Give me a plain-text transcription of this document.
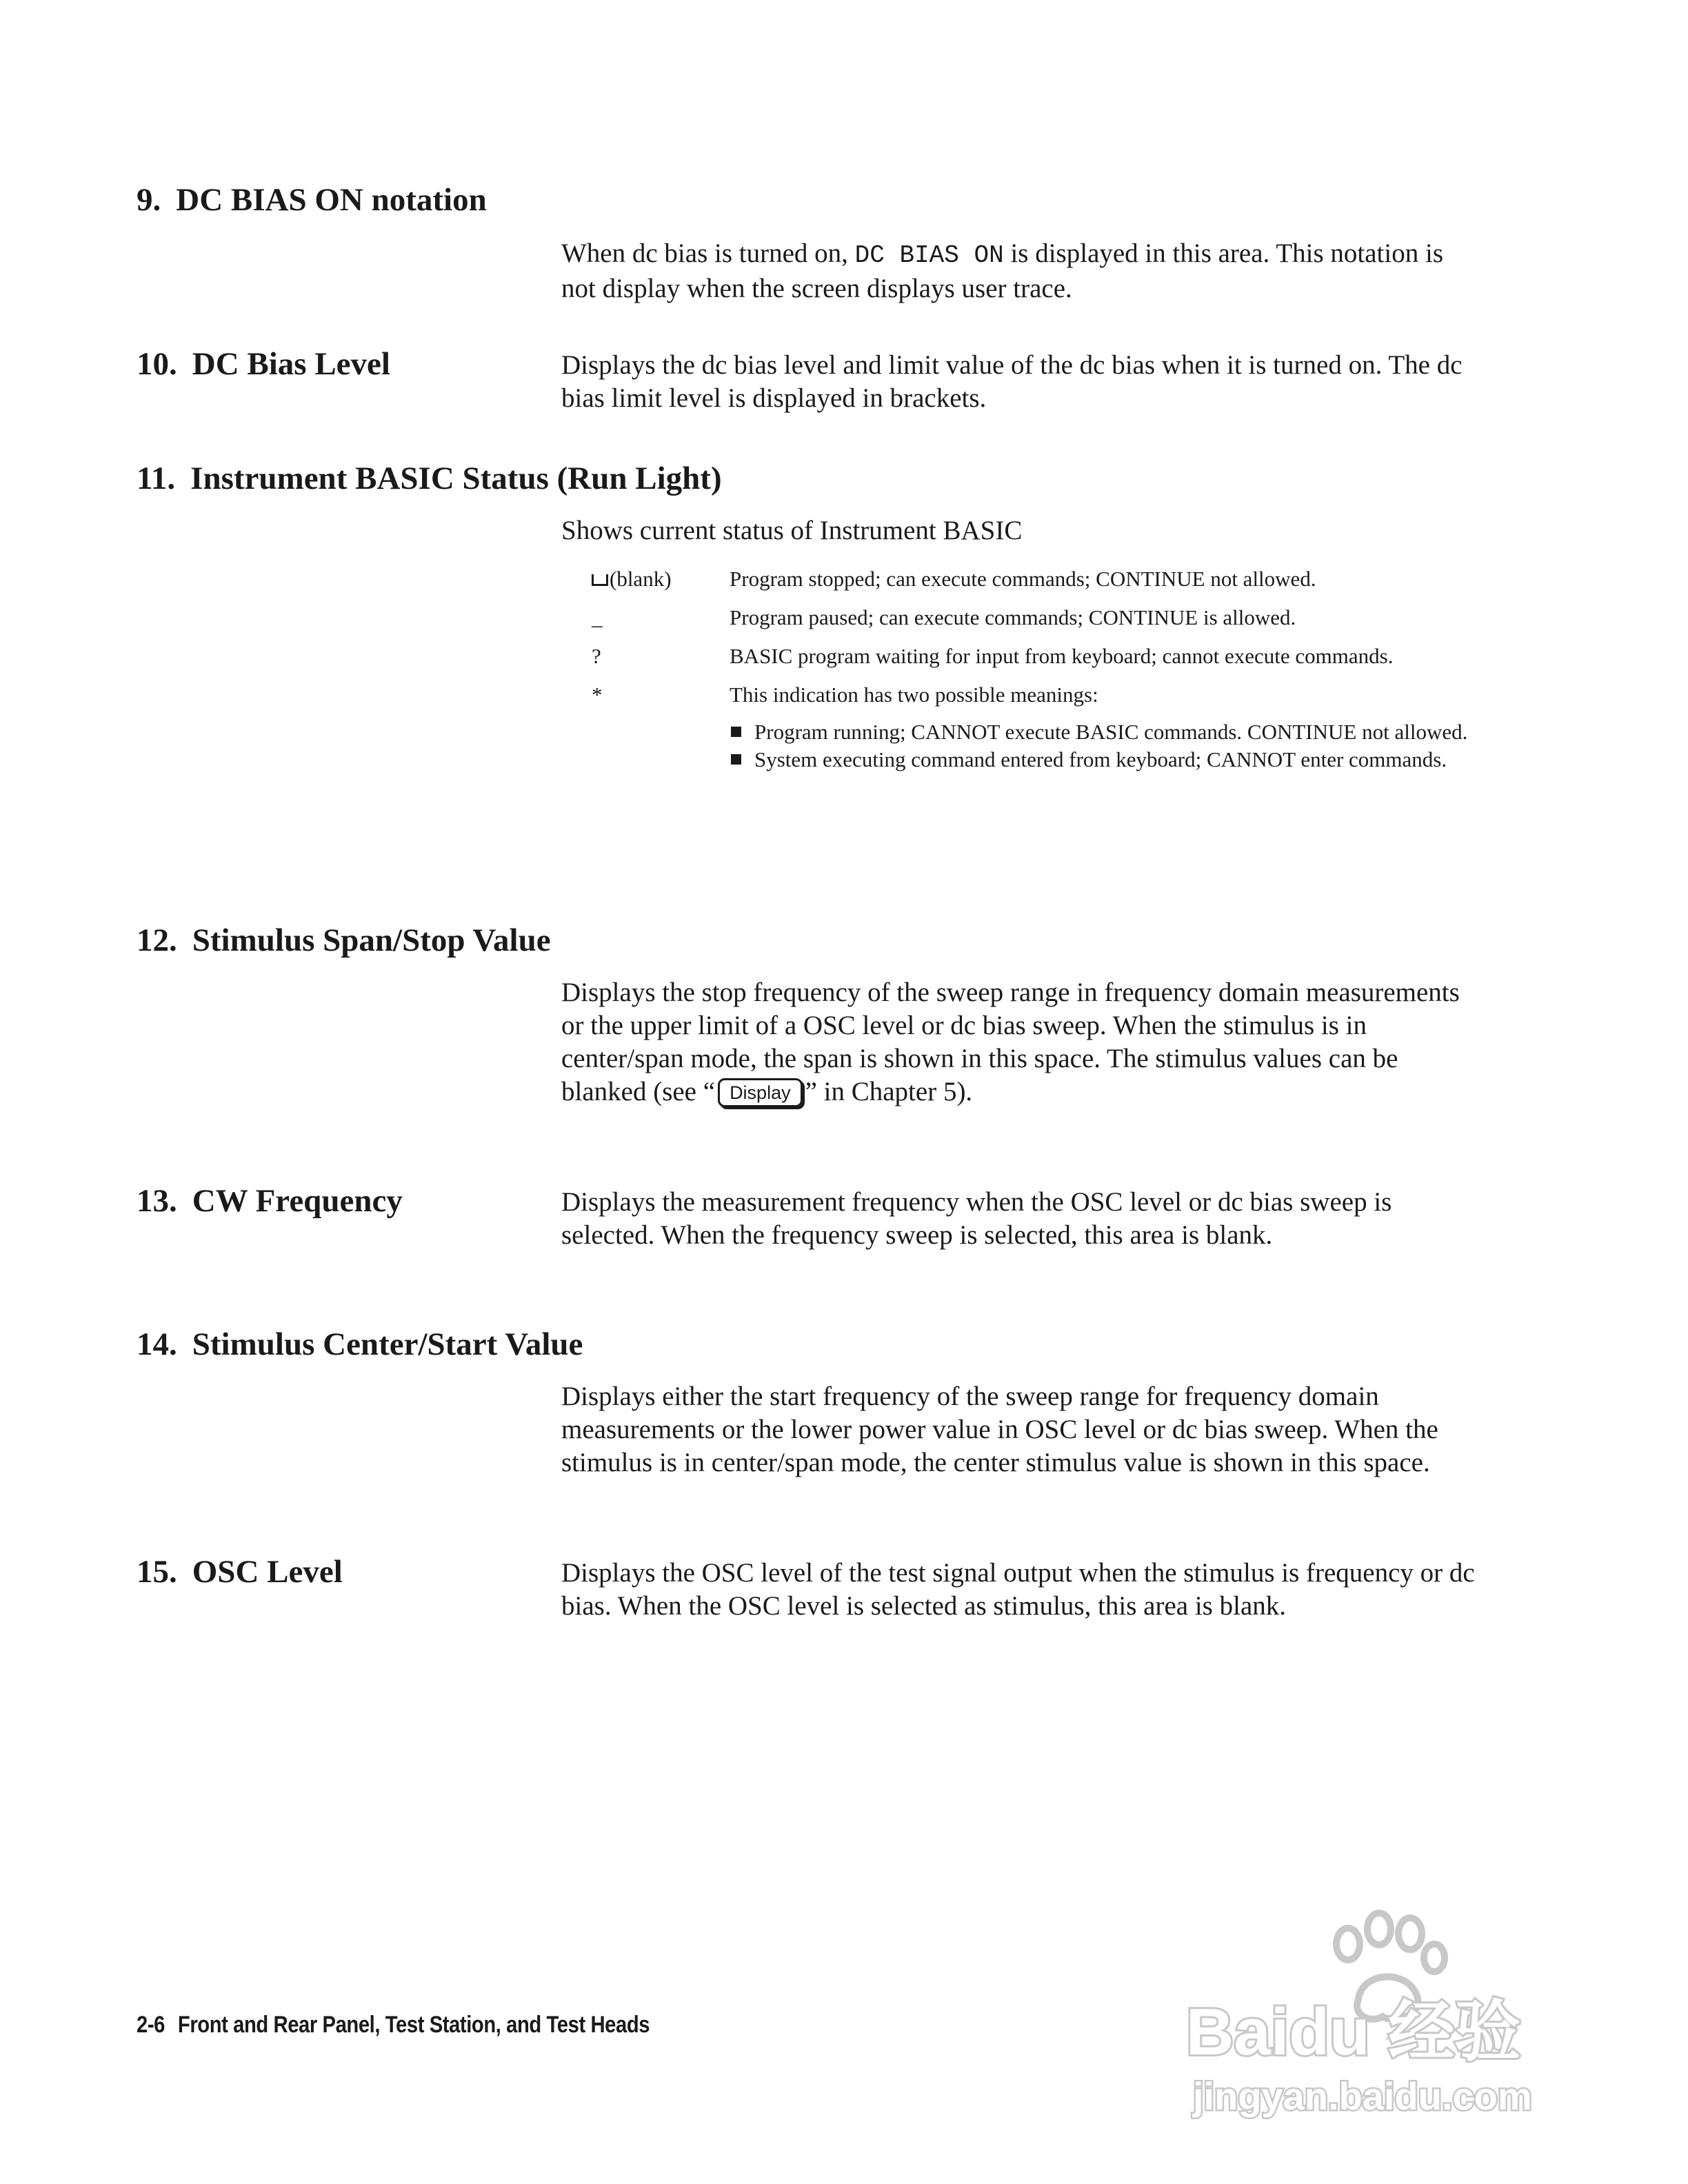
9. DC BIAS ON notation

When dc bias is turned on, DC BIAS ON is displayed in this area. This notation is not display when the screen displays user trace.

10. DC Bias Level	Displays the dc bias level and limit value of the dc bias when it is turned on. The dc bias limit level is displayed in brackets.

11. Instrument BASIC Status (Run Light)

Shows current status of Instrument BASIC

(blank)	Program stopped; can execute commands; CONTINUE not allowed.
_	Program paused; can execute commands; CONTINUE is allowed.
?	BASIC program waiting for input from keyboard; cannot execute commands.
*	This indication has two possible meanings:
Program running; CANNOT execute BASIC commands. CONTINUE not allowed.
System executing command entered from keyboard; CANNOT enter commands.
12. Stimulus Span/Stop Value

Displays the stop frequency of the sweep range in frequency domain measurements or the upper limit of a OSC level or dc bias sweep. When the stimulus is in center/span mode, the span is shown in this space. The stimulus values can be blanked (see “ Display ” in Chapter 5).

13. CW Frequency	Displays the measurement frequency when the OSC level or dc bias sweep is selected. When the frequency sweep is selected, this area is blank.

14. Stimulus Center/Start Value

Displays either the start frequency of the sweep range for frequency domain measurements or the lower power value in OSC level or dc bias sweep. When the stimulus is in center/span mode, the center stimulus value is shown in this space.

15. OSC Level	Displays the OSC level of the test signal output when the stimulus is frequency or dc bias. When the OSC level is selected as stimulus, this area is blank.

2-6 Front and Rear Panel, Test Station, and Test Heads	Baidu 经验
jingyan.baidu.com
